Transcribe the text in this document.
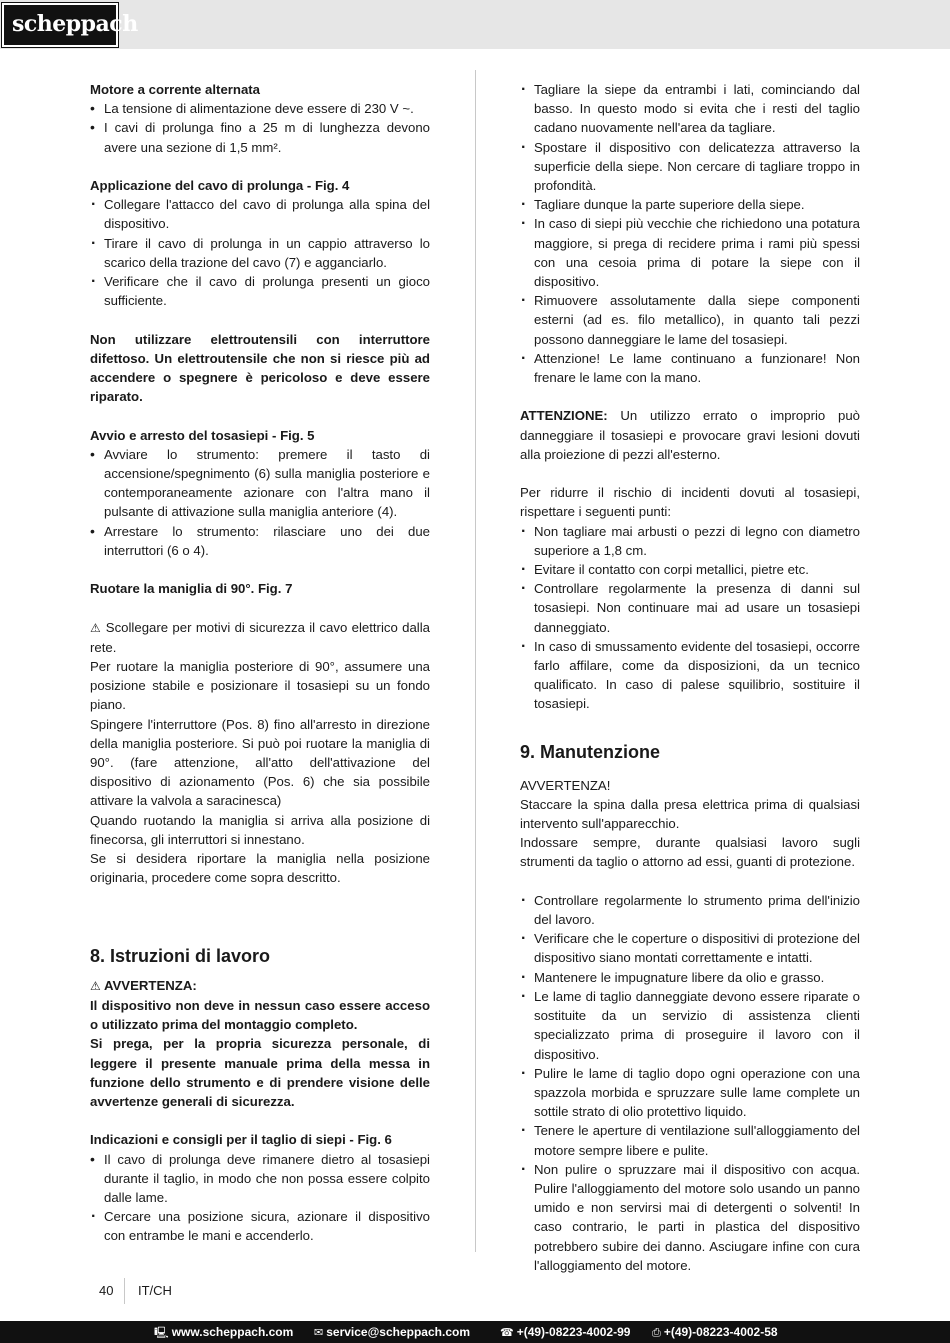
scheppach
Motore a corrente alternata
• La tensione di alimentazione deve essere di 230 V ~.
• I cavi di prolunga fino a 25 m di lunghezza devono avere una sezione di 1,5 mm².
Applicazione del cavo di prolunga - Fig. 4
· Collegare l'attacco del cavo di prolunga alla spina del dispositivo.
· Tirare il cavo di prolunga in un cappio attraverso lo scarico della trazione del cavo (7) e agganciarlo.
· Verificare che il cavo di prolunga presenti un gioco sufficiente.
Non utilizzare elettroutensili con interruttore difettoso. Un elettroutensile che non si riesce più ad accendere o spegnere è pericoloso e deve essere riparato.
Avvio e arresto del tosasiepi - Fig. 5
• Avviare lo strumento: premere il tasto di accensione/spegnimento (6) sulla maniglia posteriore e contemporaneamente azionare con l'altra mano il pulsante di attivazione sulla maniglia anteriore (4).
• Arrestare lo strumento: rilasciare uno dei due interruttori (6 o 4).
Ruotare la maniglia di 90°. Fig. 7
⚠ Scollegare per motivi di sicurezza il cavo elettrico dalla rete.
Per ruotare la maniglia posteriore di 90°, assumere una posizione stabile e posizionare il tosasiepi su un fondo piano.
Spingere l'interruttore (Pos. 8) fino all'arresto in direzione della maniglia posteriore. Si può poi ruotare la maniglia di 90°. (fare attenzione, all'atto dell'attivazione del dispositivo di azionamento (Pos. 6) che sia possibile attivare la valvola a saracinesca)
Quando ruotando la maniglia si arriva alla posizione di finecorsa, gli interruttori si innestano.
Se si desidera riportare la maniglia nella posizione originaria, procedere come sopra descritto.
8. Istruzioni di lavoro
⚠ AVVERTENZA:
Il dispositivo non deve in nessun caso essere acceso o utilizzato prima del montaggio completo.
Si prega, per la propria sicurezza personale, di leggere il presente manuale prima della messa in funzione dello strumento e di prendere visione delle avvertenze generali di sicurezza.
Indicazioni e consigli per il taglio di siepi - Fig. 6
• Il cavo di prolunga deve rimanere dietro al tosasiepi durante il taglio, in modo che non possa essere colpito dalle lame.
· Cercare una posizione sicura, azionare il dispositivo con entrambe le mani e accenderlo.
· Tagliare la siepe da entrambi i lati, cominciando dal basso. In questo modo si evita che i resti del taglio cadano nuovamente nell'area da tagliare.
· Spostare il dispositivo con delicatezza attraverso la superficie della siepe. Non cercare di tagliare troppo in profondità.
· Tagliare dunque la parte superiore della siepe.
· In caso di siepi più vecchie che richiedono una potatura maggiore, si prega di recidere prima i rami più spessi con una cesoia prima di potare la siepe con il dispositivo.
· Rimuovere assolutamente dalla siepe componenti esterni (ad es. filo metallico), in quanto tali pezzi possono danneggiare le lame del tosasiepi.
· Attenzione! Le lame continuano a funzionare! Non frenare le lame con la mano.
ATTENZIONE: Un utilizzo errato o improprio può danneggiare il tosasiepi e provocare gravi lesioni dovuti alla proiezione di pezzi all'esterno.
Per ridurre il rischio di incidenti dovuti al tosasiepi, rispettare i seguenti punti:
· Non tagliare mai arbusti o pezzi di legno con diametro superiore a 1,8 cm.
· Evitare il contatto con corpi metallici, pietre etc.
· Controllare regolarmente la presenza di danni sul tosasiepi. Non continuare mai ad usare un tosasiepi danneggiato.
· In caso di smussamento evidente del tosasiepi, occorre farlo affilare, come da disposizioni, da un tecnico qualificato. In caso di palese squilibrio, sostituire il tosasiepi.
9. Manutenzione
AVVERTENZA!
Staccare la spina dalla presa elettrica prima di qualsiasi intervento sull'apparecchio.
Indossare sempre, durante qualsiasi lavoro sugli strumenti da taglio o attorno ad essi, guanti di protezione.
· Controllare regolarmente lo strumento prima dell'inizio del lavoro.
· Verificare che le coperture o dispositivi di protezione del dispositivo siano montati correttamente e intatti.
· Mantenere le impugnature libere da olio e grasso.
· Le lame di taglio danneggiate devono essere riparate o sostituite da un servizio di assistenza clienti specializzato prima di proseguire il lavoro con il dispositivo.
· Pulire le lame di taglio dopo ogni operazione con una spazzola morbida e spruzzare sulle lame complete un sottile strato di olio protettivo liquido.
· Tenere le aperture di ventilazione sull'alloggiamento del motore sempre libere e pulite.
· Non pulire o spruzzare mai il dispositivo con acqua. Pulire l'alloggiamento del motore solo usando un panno umido e non servirsi mai di detergenti o solventi! In caso contrario, le parti in plastica del dispositivo potrebbero subire dei danno. Asciugare infine con cura l'alloggiamento del motore.
40 IT/CH
🖳 www.scheppach.com ✉ service@scheppach.com	☎ +(49)-08223-4002-99 ⎙ +(49)-08223-4002-58
